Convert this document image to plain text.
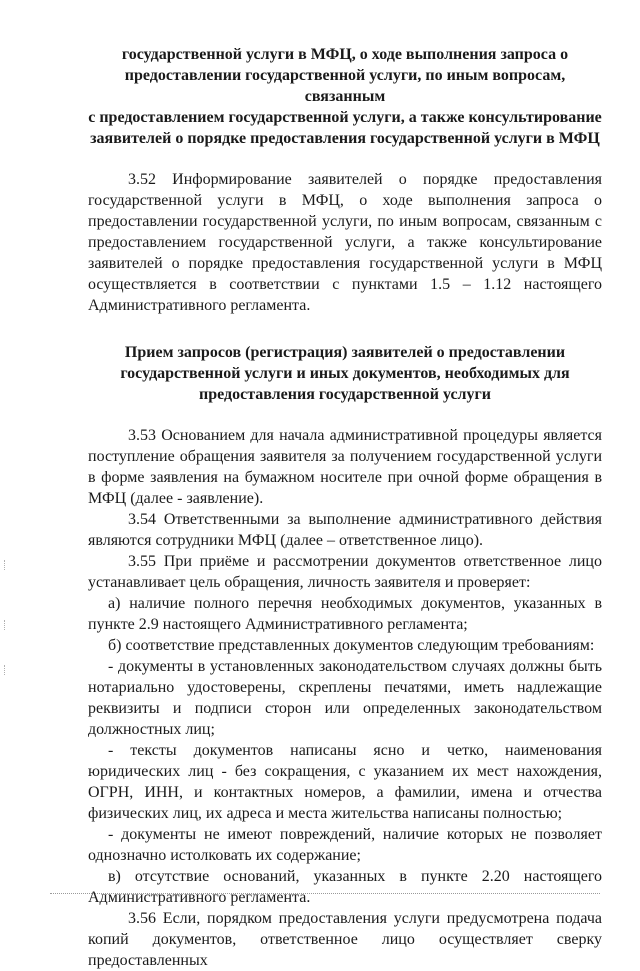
государственной услуги в МФЦ, о ходе выполнения запроса о
предоставлении государственной услуги, по иным вопросам, связанным
с предоставлением государственной услуги, а также консультирование
заявителей о порядке предоставления государственной услуги в МФЦ

3.52 Информирование заявителей о порядке предоставления государственной услуги в МФЦ, о ходе выполнения запроса о предоставлении государственной услуги, по иным вопросам, связанным с предоставлением государственной услуги, а также консультирование заявителей о порядке предоставления государственной услуги в МФЦ осуществляется в соответствии с пунктами 1.5 – 1.12 настоящего Административного регламента.

Прием запросов (регистрация) заявителей о предоставлении
государственной услуги и иных документов, необходимых для
предоставления государственной услуги

3.53 Основанием для начала административной процедуры является поступление обращения заявителя за получением государственной услуги в форме заявления на бумажном носителе при очной форме обращения в МФЦ (далее - заявление).

3.54 Ответственными за выполнение административного действия являются сотрудники МФЦ (далее – ответственное лицо).

3.55 При приёме и рассмотрении документов ответственное лицо устанавливает цель обращения, личность заявителя и проверяет:

а) наличие полного перечня необходимых документов, указанных в пункте 2.9 настоящего Административного регламента;

б) соответствие представленных документов следующим требованиям:

- документы в установленных законодательством случаях должны быть нотариально удостоверены, скреплены печатями, иметь надлежащие реквизиты и подписи сторон или определенных законодательством должностных лиц;

- тексты документов написаны ясно и четко, наименования юридических лиц - без сокращения, с указанием их мест нахождения, ОГРН, ИНН, и контактных номеров, а фамилии, имена и отчества физических лиц, их адреса и места жительства написаны полностью;

- документы не имеют повреждений, наличие которых не позволяет однозначно истолковать их содержание;

в) отсутствие оснований, указанных в пункте 2.20 настоящего Административного регламента.

3.56 Если, порядком предоставления услуги предусмотрена подача копий документов, ответственное лицо осуществляет сверку предоставленных
